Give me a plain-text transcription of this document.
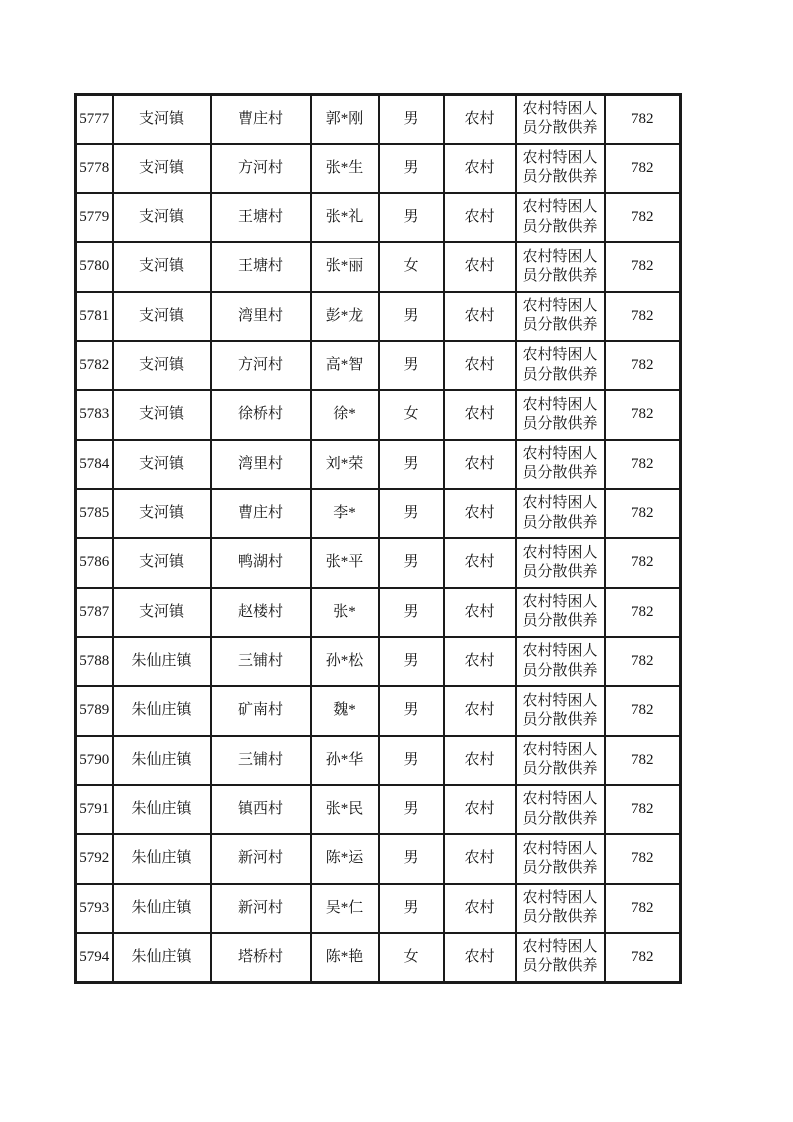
5777	支河镇	曹庄村	郭*刚	男	农村	农村特困人员分散供养	782
5778	支河镇	方河村	张*生	男	农村	农村特困人员分散供养	782
5779	支河镇	王塘村	张*礼	男	农村	农村特困人员分散供养	782
5780	支河镇	王塘村	张*丽	女	农村	农村特困人员分散供养	782
5781	支河镇	湾里村	彭*龙	男	农村	农村特困人员分散供养	782
5782	支河镇	方河村	高*智	男	农村	农村特困人员分散供养	782
5783	支河镇	徐桥村	徐*	女	农村	农村特困人员分散供养	782
5784	支河镇	湾里村	刘*荣	男	农村	农村特困人员分散供养	782
5785	支河镇	曹庄村	李*	男	农村	农村特困人员分散供养	782
5786	支河镇	鸭湖村	张*平	男	农村	农村特困人员分散供养	782
5787	支河镇	赵楼村	张*	男	农村	农村特困人员分散供养	782
5788	朱仙庄镇	三铺村	孙*松	男	农村	农村特困人员分散供养	782
5789	朱仙庄镇	矿南村	魏*	男	农村	农村特困人员分散供养	782
5790	朱仙庄镇	三铺村	孙*华	男	农村	农村特困人员分散供养	782
5791	朱仙庄镇	镇西村	张*民	男	农村	农村特困人员分散供养	782
5792	朱仙庄镇	新河村	陈*运	男	农村	农村特困人员分散供养	782
5793	朱仙庄镇	新河村	吴*仁	男	农村	农村特困人员分散供养	782
5794	朱仙庄镇	塔桥村	陈*艳	女	农村	农村特困人员分散供养	782
